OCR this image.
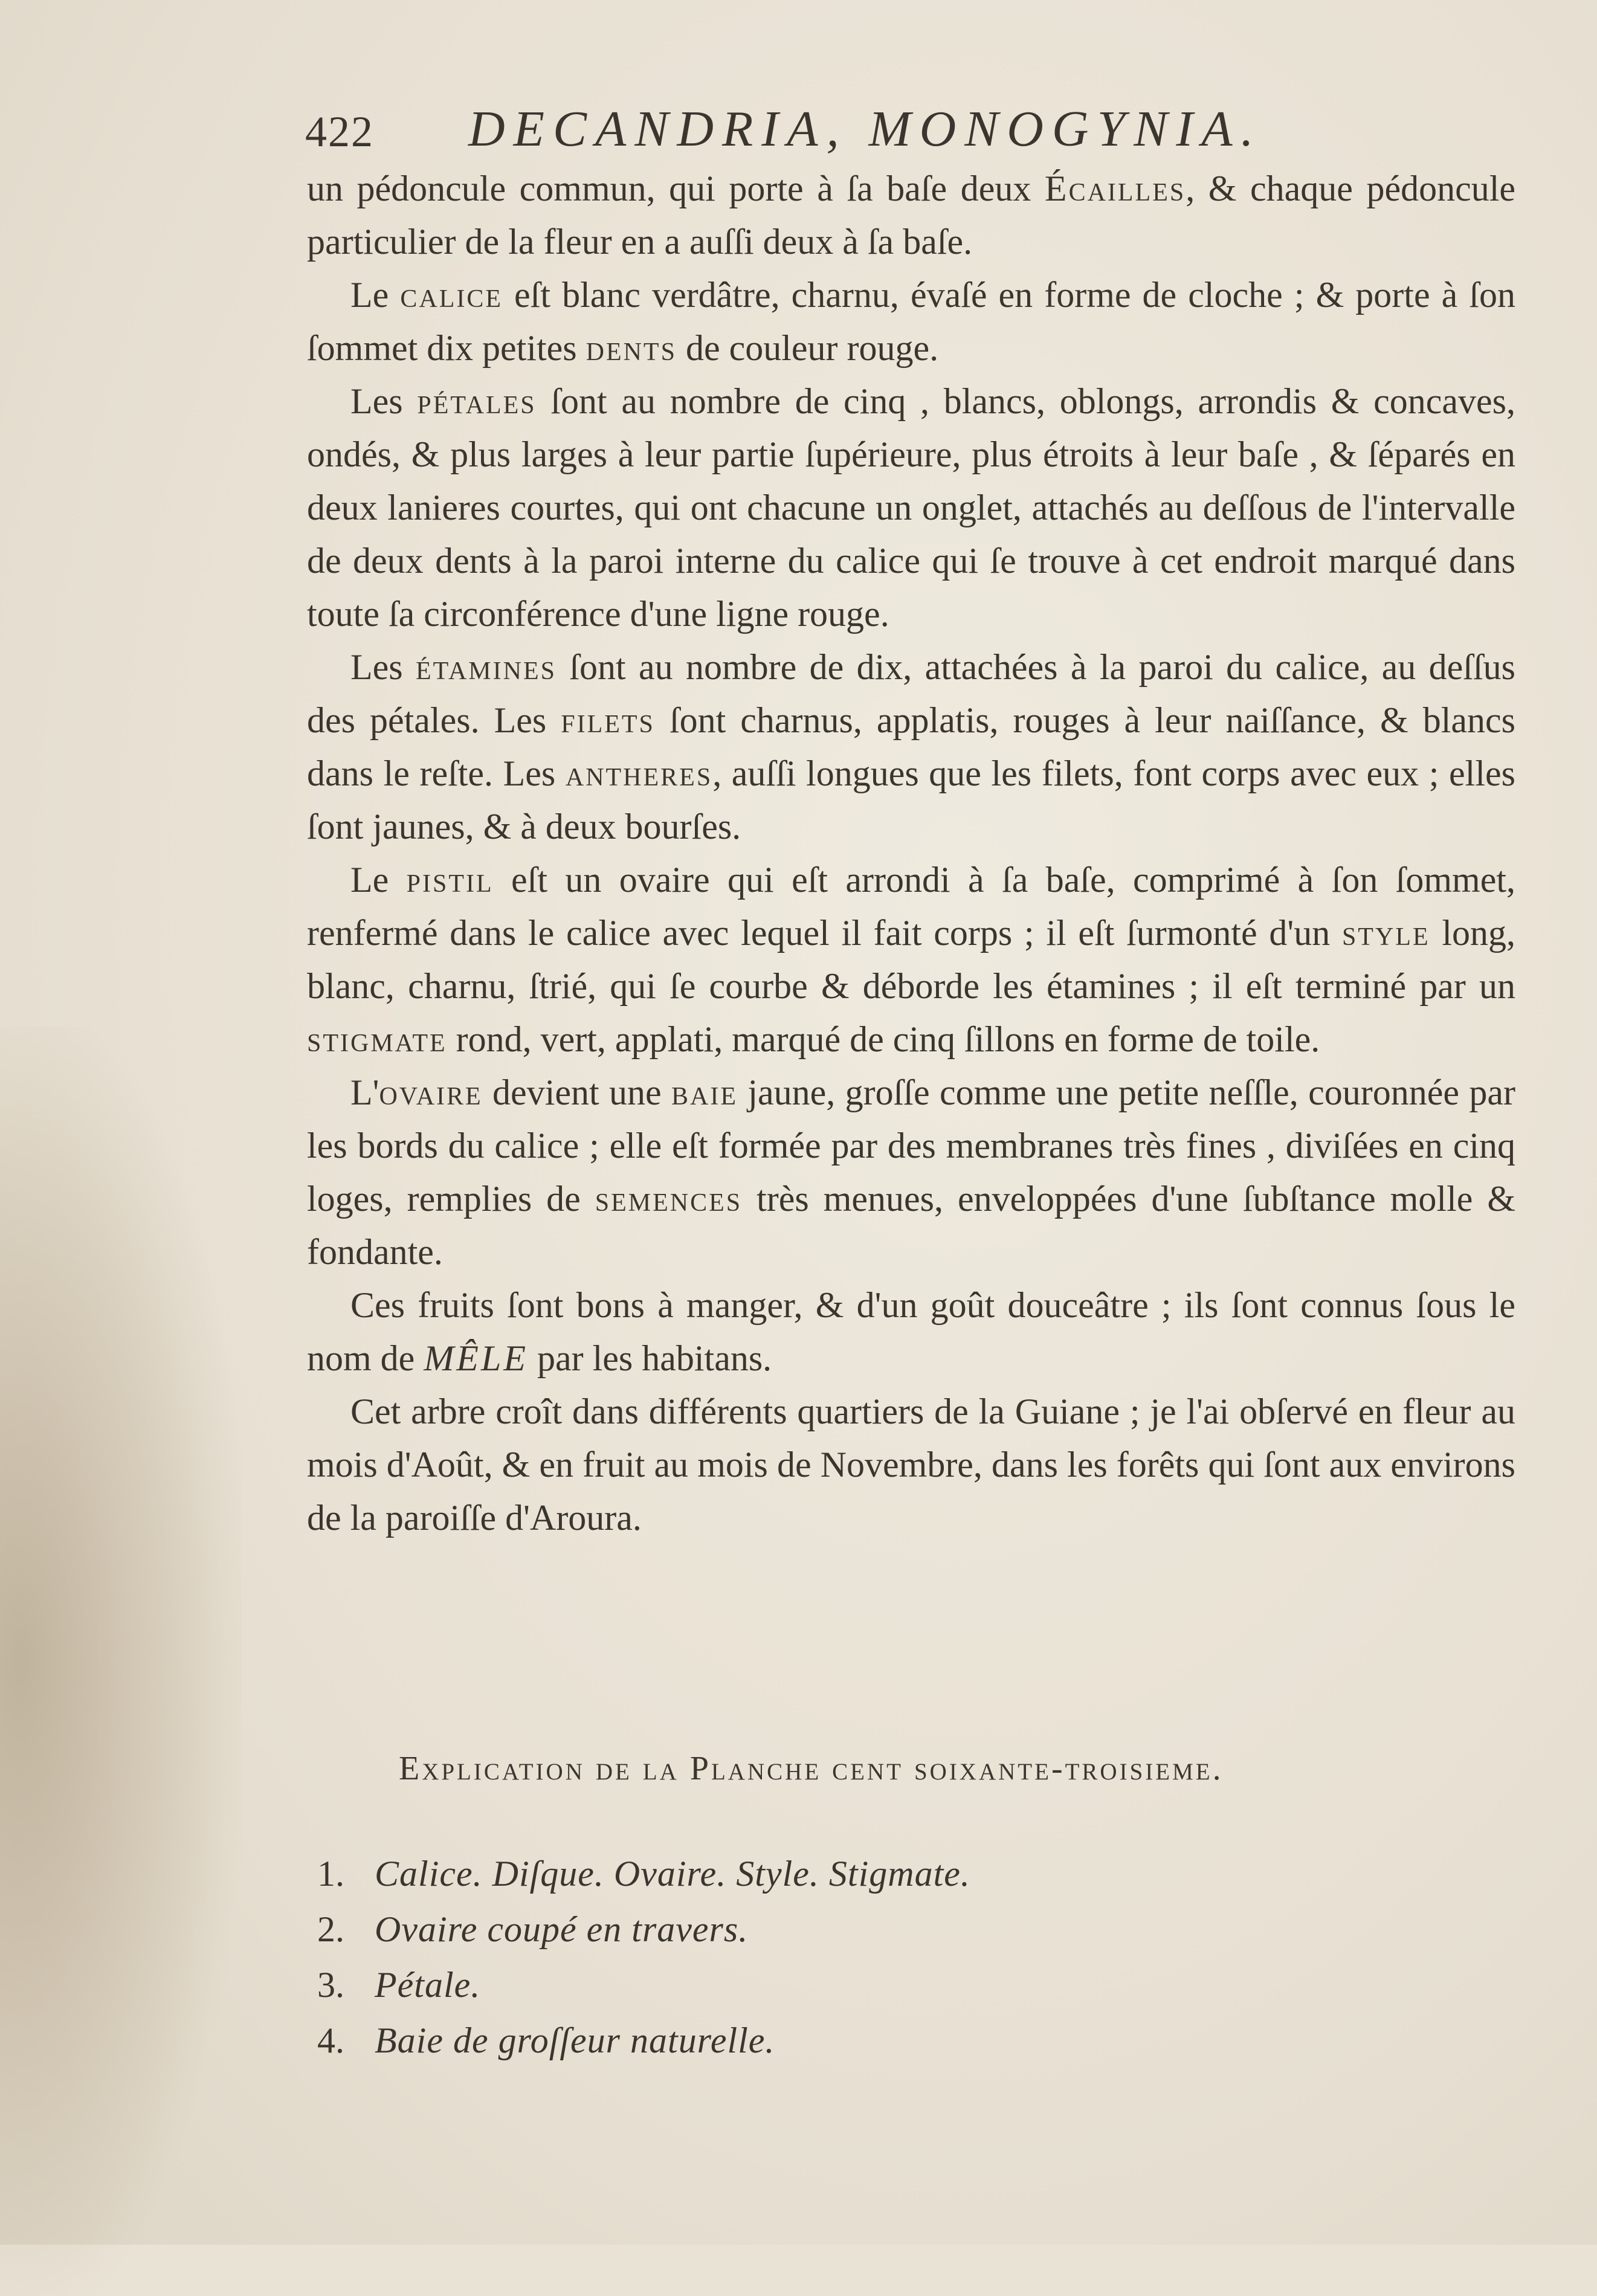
422 DECANDRIA, MONOGYNIA.

un pédoncule commun, qui porte à ſa baſe deux Écailles, & chaque pédoncule particulier de la fleur en a auſſi deux à ſa baſe.

Le calice eſt blanc verdâtre, charnu, évaſé en forme de cloche ; & porte à ſon ſommet dix petites dents de couleur rouge.

Les pétales ſont au nombre de cinq , blancs, oblongs, arrondis & concaves, ondés, & plus larges à leur partie ſupérieure, plus étroits à leur baſe , & ſéparés en deux lanieres courtes, qui ont chacune un onglet, attachés au deſſous de l'intervalle de deux dents à la paroi interne du calice qui ſe trouve à cet endroit marqué dans toute ſa circonférence d'une ligne rouge.

Les étamines ſont au nombre de dix, attachées à la paroi du calice, au deſſus des pétales. Les filets ſont charnus, applatis, rouges à leur naiſſance, & blancs dans le reſte. Les antheres, auſſi longues que les filets, font corps avec eux ; elles ſont jaunes, & à deux bourſes.

Le pistil eſt un ovaire qui eſt arrondi à ſa baſe, comprimé à ſon ſommet, renfermé dans le calice avec lequel il fait corps ; il eſt ſurmonté d'un style long, blanc, charnu, ſtrié, qui ſe courbe & déborde les étamines ; il eſt terminé par un stigmate rond, vert, applati, marqué de cinq ſillons en forme de toile.

L'ovaire devient une baie jaune, groſſe comme une petite neſſle, couronnée par les bords du calice ; elle eſt formée par des membranes très fines , diviſées en cinq loges, remplies de semences très menues, enveloppées d'une ſubſtance molle & fondante.

Ces fruits ſont bons à manger, & d'un goût douceâtre ; ils ſont connus ſous le nom de MÊLE par les habitans.

Cet arbre croît dans différents quartiers de la Guiane ; je l'ai obſervé en fleur au mois d'Août, & en fruit au mois de Novembre, dans les forêts qui ſont aux environs de la paroiſſe d'Aroura.

Explication de la Planche cent soixante-troisieme.
1. Calice. Diſque. Ovaire. Style. Stigmate.
2. Ovaire coupé en travers.
3. Pétale.
4. Baie de groſſeur naturelle.
